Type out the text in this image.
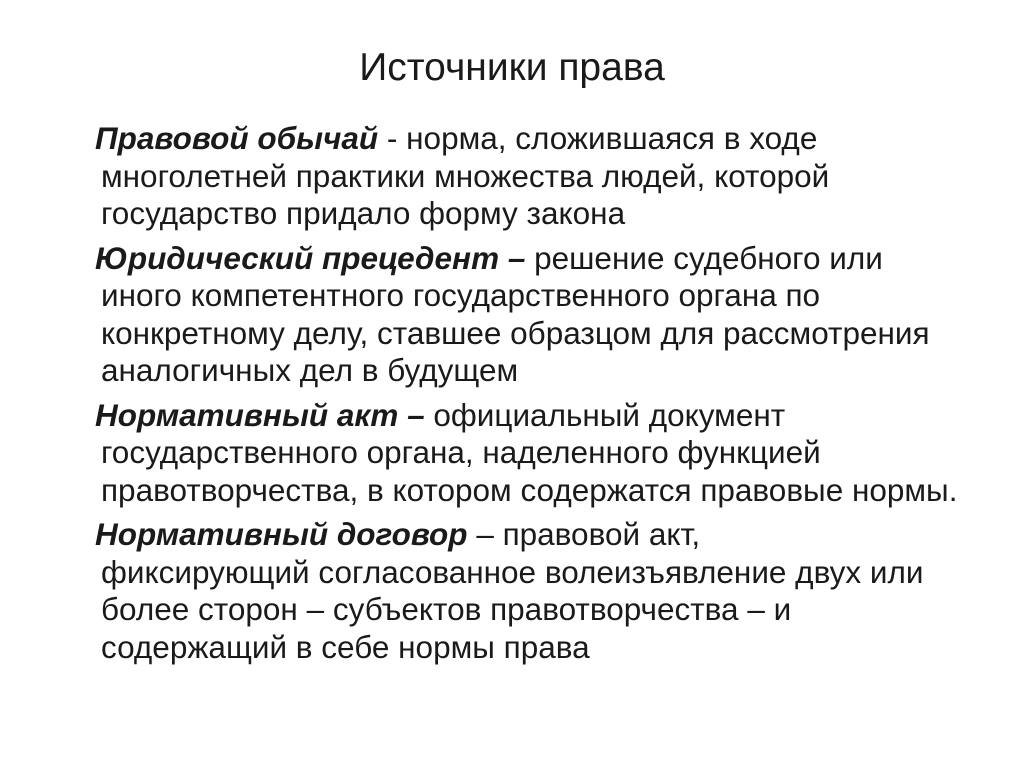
Источники права
Правовой обычай - норма, сложившаяся в ходе
многолетней практики множества людей, которой государство придало форму закона
Юридический прецедент – решение судебного или
иного компетентного государственного органа по конкретному делу, ставшее образцом для рассмотрения аналогичных дел в будущем
Нормативный акт – официальный документ
государственного органа, наделенного функцией правотворчества, в котором содержатся правовые нормы.
Нормативный договор – правовой акт,
фиксирующий согласованное волеизъявление двух или более сторон – субъектов правотворчества – и содержащий в себе нормы права
